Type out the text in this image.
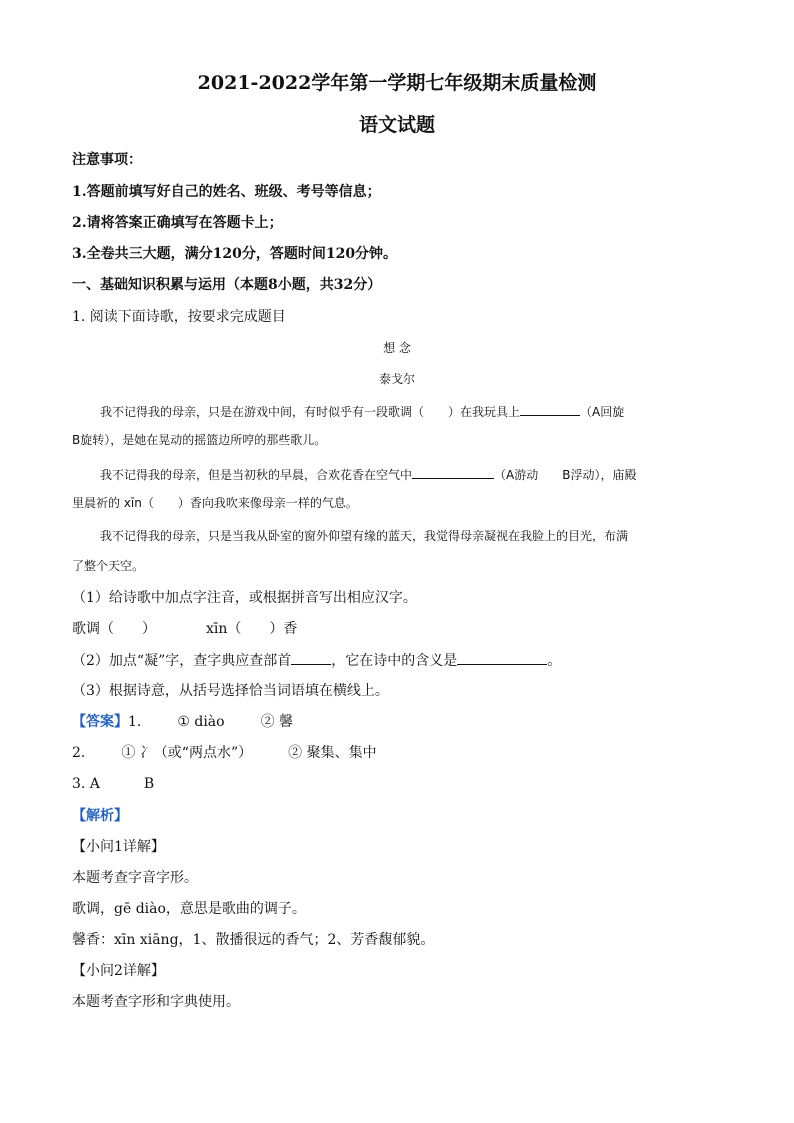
2021-2022学年第一学期七年级期末质量检测
语文试题
注意事项：
1.答题前填写好自己的姓名、班级、考号等信息；
2.请将答案正确填写在答题卡上；
3.全卷共三大题，满分120分，答题时间120分钟。
一、基础知识积累与运用（本题8小题，共32分）
1. 阅读下面诗歌，按要求完成题目
想 念
泰戈尔
我不记得我的母亲，只是在游戏中间，有时似乎有一段歌调（　　）在我玩具上	（A回旋
B旋转），是她在晃动的摇篮边所哼的那些歌儿。
我不记得我的母亲，但是当初秋的早晨，合欢花香在空气中	（A游动　　B浮动），庙殿
里晨祈的 xīn（　　）香向我吹来像母亲一样的气息。
我不记得我的母亲，只是当我从卧室的窗外仰望有缘的蓝天，我觉得母亲凝视在我脸上的目光，布满
了整个天空。
（1）给诗歌中加点字注音，或根据拼音写出相应汉字。
歌调（　　）	xīn（　　）香
（2）加点“凝”字，查字典应查部首	，它在诗中的含义是	。
（3）根据诗意，从括号选择恰当词语填在横线上。
【答案】1.	① diào	② 馨
2.	① 冫（或“两点水”）	② 聚集、集中
3. A	B
【解析】
【小问1详解】
本题考查字音字形。
歌调，gē diào，意思是歌曲的调子。
馨香：xīn xiāng，1、散播很远的香气；2、芳香馥郁貌。
【小问2详解】
本题考查字形和字典使用。
